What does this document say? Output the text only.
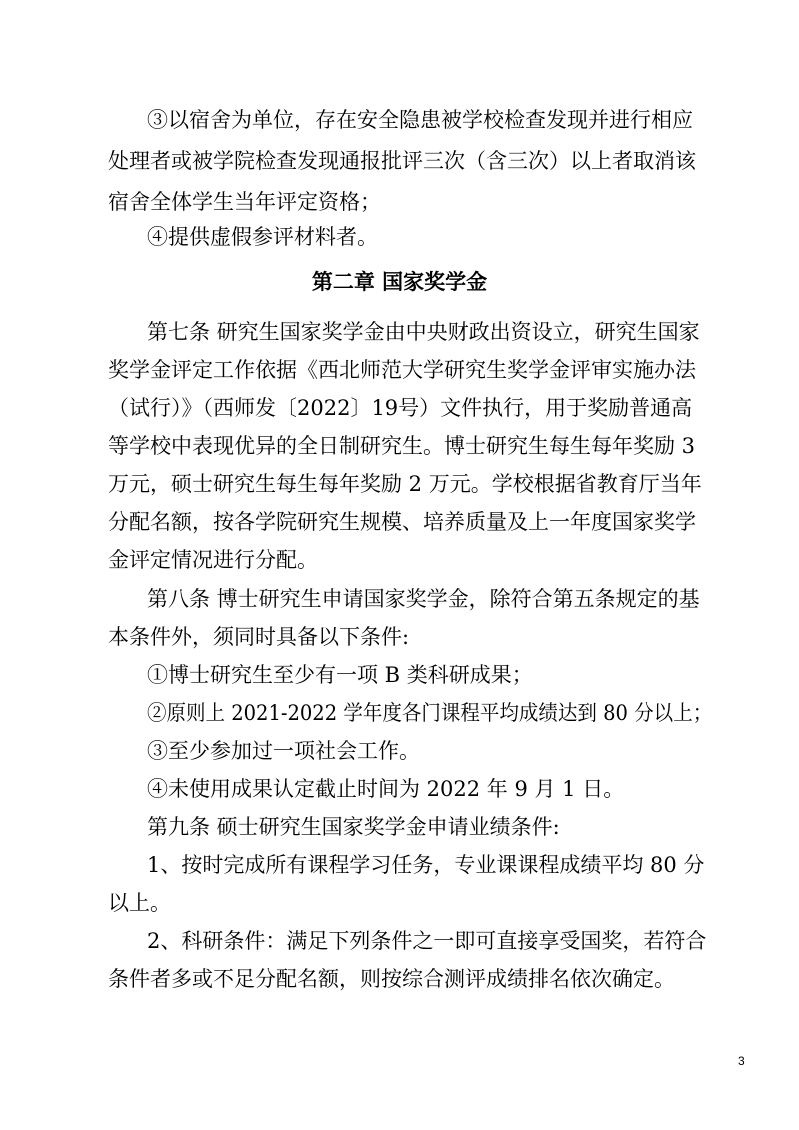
③以宿舍为单位，存在安全隐患被学校检查发现并进行相应
处理者或被学院检查发现通报批评三次（含三次）以上者取消该
宿舍全体学生当年评定资格；
④提供虚假参评材料者。
第二章 国家奖学金
第七条 研究生国家奖学金由中央财政出资设立，研究生国家
奖学金评定工作依据《西北师范大学研究生奖学金评审实施办法
（试行）》（西师发〔2022〕19号）文件执行，用于奖励普通高
等学校中表现优异的全日制研究生。博士研究生每生每年奖励 3
万元，硕士研究生每生每年奖励 2 万元。学校根据省教育厅当年
分配名额，按各学院研究生规模、培养质量及上一年度国家奖学
金评定情况进行分配。
第八条 博士研究生申请国家奖学金，除符合第五条规定的基
本条件外，须同时具备以下条件:
①博士研究生至少有一项 B 类科研成果；
②原则上 2021-2022 学年度各门课程平均成绩达到 80 分以上；
③至少参加过一项社会工作。
④未使用成果认定截止时间为 2022 年 9 月 1 日。
第九条 硕士研究生国家奖学金申请业绩条件:
1、按时完成所有课程学习任务，专业课课程成绩平均 80 分
以上。
2、科研条件：满足下列条件之一即可直接享受国奖，若符合
条件者多或不足分配名额，则按综合测评成绩排名依次确定。
3
